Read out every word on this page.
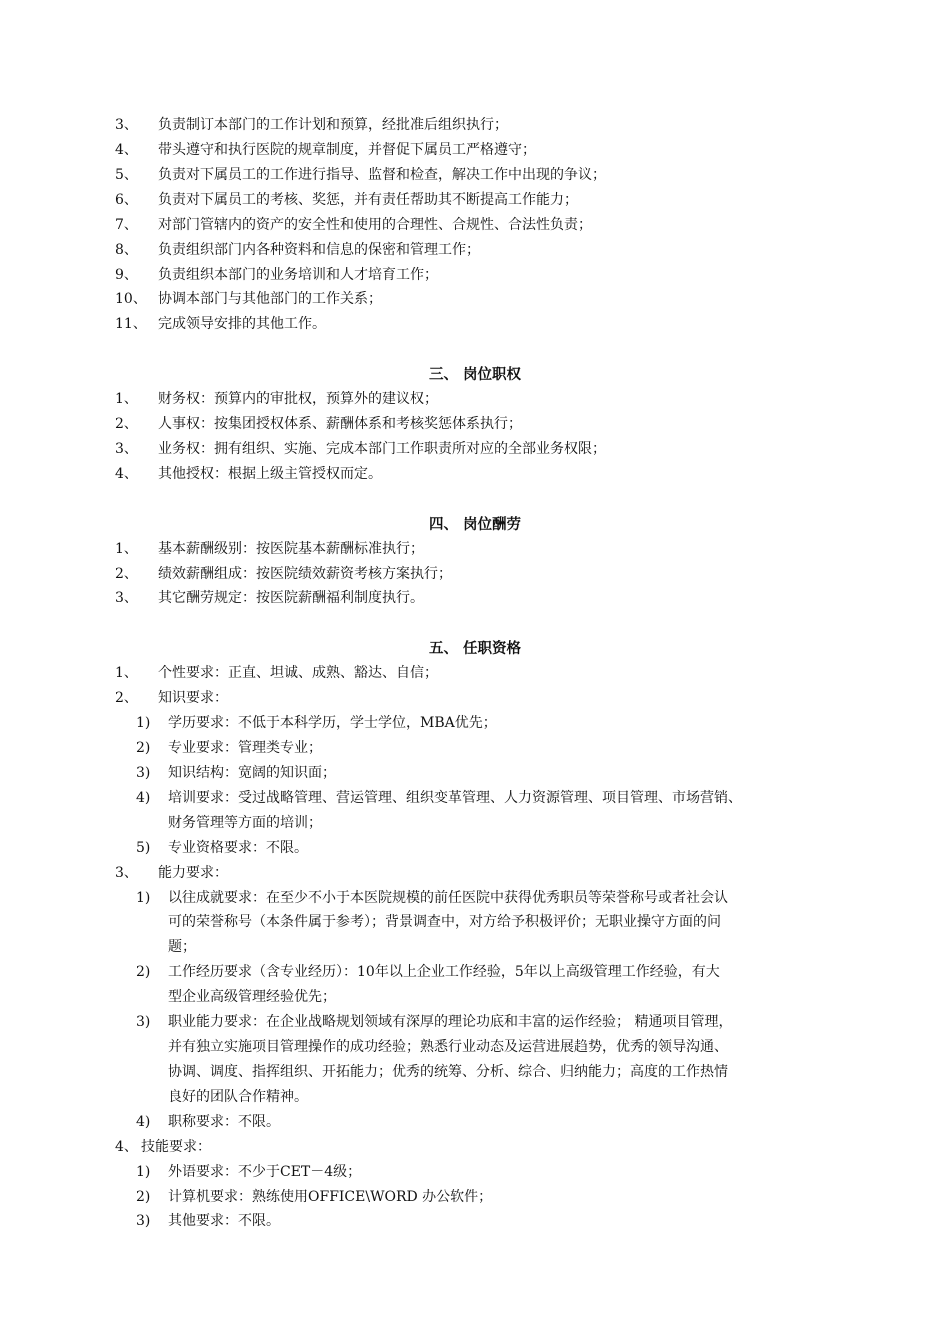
3、 负责制订本部门的工作计划和预算，经批准后组织执行；
4、 带头遵守和执行医院的规章制度，并督促下属员工严格遵守；
5、 负责对下属员工的工作进行指导、监督和检查，解决工作中出现的争议；
6、 负责对下属员工的考核、奖惩，并有责任帮助其不断提高工作能力；
7、 对部门管辖内的资产的安全性和使用的合理性、合规性、合法性负责；
8、 负责组织部门内各种资料和信息的保密和管理工作；
9、 负责组织本部门的业务培训和人才培育工作；
10、 协调本部门与其他部门的工作关系；
11、 完成领导安排的其他工作。
三、 岗位职权
1、 财务权：预算内的审批权，预算外的建议权；
2、 人事权：按集团授权体系、薪酬体系和考核奖惩体系执行；
3、 业务权：拥有组织、实施、完成本部门工作职责所对应的全部业务权限；
4、 其他授权：根据上级主管授权而定。
四、 岗位酬劳
1、 基本薪酬级别：按医院基本薪酬标准执行；
2、 绩效薪酬组成：按医院绩效薪资考核方案执行；
3、 其它酬劳规定：按医院薪酬福利制度执行。
五、 任职资格
1、 个性要求：正直、坦诚、成熟、豁达、自信；
2、 知识要求：
1) 学历要求：不低于本科学历，学士学位，MBA优先；
2) 专业要求：管理类专业；
3) 知识结构：宽阔的知识面；
4) 培训要求：受过战略管理、营运管理、组织变革管理、人力资源管理、项目管理、市场营销、
财务管理等方面的培训；
5) 专业资格要求：不限。
3、 能力要求：
1) 以往成就要求：在至少不小于本医院规模的前任医院中获得优秀职员等荣誉称号或者社会认
可的荣誉称号（本条件属于参考）；背景调查中，对方给予积极评价；无职业操守方面的问
题；
2) 工作经历要求（含专业经历）：10年以上企业工作经验，5年以上高级管理工作经验，有大
型企业高级管理经验优先；
3) 职业能力要求：在企业战略规划领域有深厚的理论功底和丰富的运作经验； 精通项目管理，
并有独立实施项目管理操作的成功经验；熟悉行业动态及运营进展趋势，优秀的领导沟通、
协调、调度、指挥组织、开拓能力；优秀的统筹、分析、综合、归纳能力；高度的工作热情
良好的团队合作精神。
4) 职称要求：不限。
4、 技能要求：
1) 外语要求：不少于CET－4级；
2) 计算机要求：熟练使用OFFICE\WORD 办公软件；
3) 其他要求：不限。
